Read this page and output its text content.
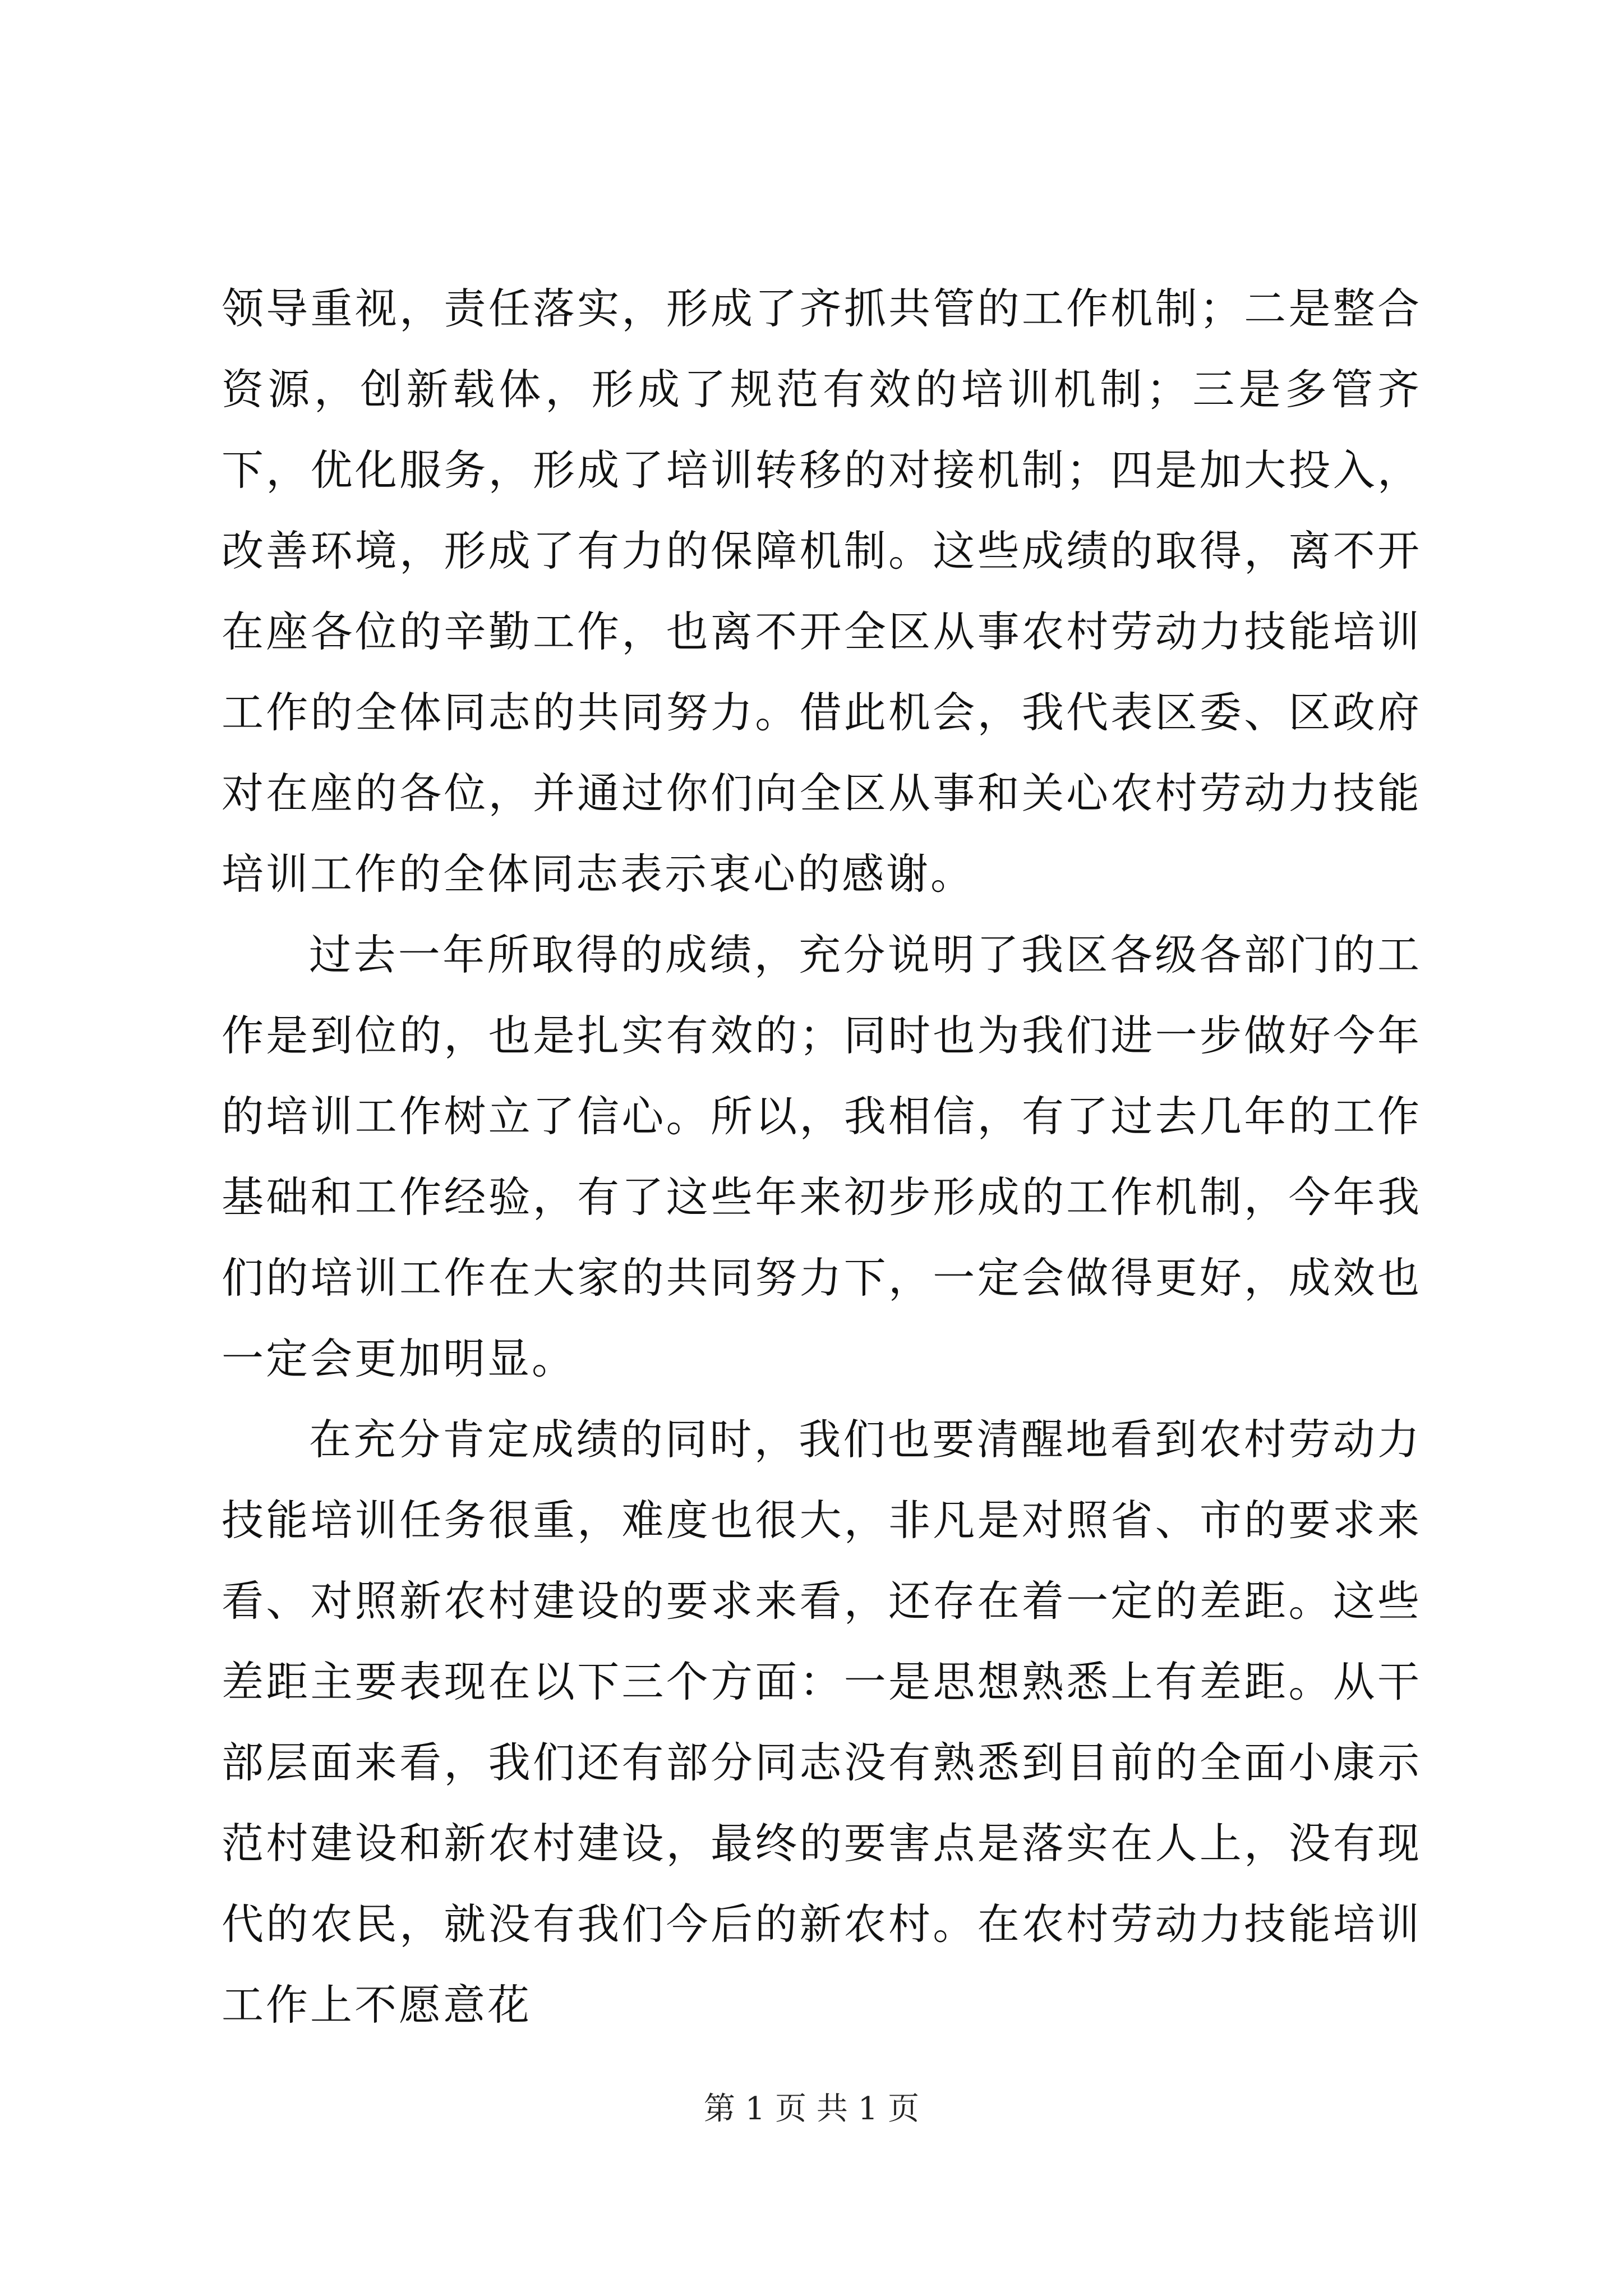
领导重视，责任落实，形成了齐抓共管的工作机制；二是整合资源，创新载体，形成了规范有效的培训机制；三是多管齐下，优化服务，形成了培训转移的对接机制；四是加大投入，改善环境，形成了有力的保障机制。这些成绩的取得，离不开在座各位的辛勤工作，也离不开全区从事农村劳动力技能培训工作的全体同志的共同努力。借此机会，我代表区委、区政府对在座的各位，并通过你们向全区从事和关心农村劳动力技能培训工作的全体同志表示衷心的感谢。

过去一年所取得的成绩，充分说明了我区各级各部门的工作是到位的，也是扎实有效的；同时也为我们进一步做好今年的培训工作树立了信心。所以，我相信，有了过去几年的工作基础和工作经验，有了这些年来初步形成的工作机制，今年我们的培训工作在大家的共同努力下，一定会做得更好，成效也一定会更加明显。

在充分肯定成绩的同时，我们也要清醒地看到农村劳动力技能培训任务很重，难度也很大，非凡是对照省、市的要求来看、对照新农村建设的要求来看，还存在着一定的差距。这些差距主要表现在以下三个方面：一是思想熟悉上有差距。从干部层面来看，我们还有部分同志没有熟悉到目前的全面小康示范村建设和新农村建设，最终的要害点是落实在人上，没有现代的农民，就没有我们今后的新农村。在农村劳动力技能培训工作上不愿意花

第 1 页 共 1 页
